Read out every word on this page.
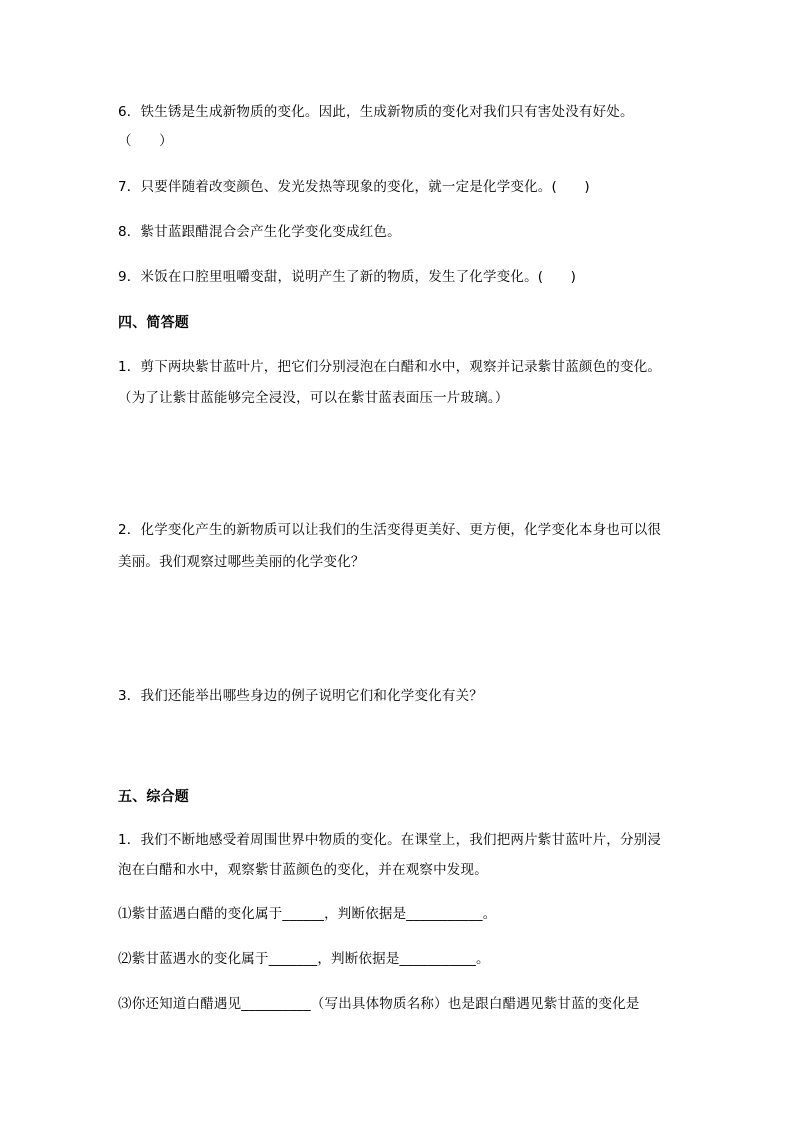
6．铁生锈是生成新物质的变化。因此，生成新物质的变化对我们只有害处没有好处。
（　　）
7．只要伴随着改变颜色、发光发热等现象的变化，就一定是化学变化。(　　)
8．紫甘蓝跟醋混合会产生化学变化变成红色。
9．米饭在口腔里咀嚼变甜，说明产生了新的物质，发生了化学变化。(　　)
四、简答题
1．剪下两块紫甘蓝叶片，把它们分别浸泡在白醋和水中，观察并记录紫甘蓝颜色的变化。
（为了让紫甘蓝能够完全浸没，可以在紫甘蓝表面压一片玻璃。）
2．化学变化产生的新物质可以让我们的生活变得更美好、更方便，化学变化本身也可以很
美丽。我们观察过哪些美丽的化学变化？
3．我们还能举出哪些身边的例子说明它们和化学变化有关？
五、综合题
1．我们不断地感受着周围世界中物质的变化。在课堂上，我们把两片紫甘蓝叶片，分别浸
泡在白醋和水中，观察紫甘蓝颜色的变化，并在观察中发现。
⑴紫甘蓝遇白醋的变化属于______，判断依据是___________。
⑵紫甘蓝遇水的变化属于_______，判断依据是___________。
⑶你还知道白醋遇见__________（写出具体物质名称）也是跟白醋遇见紫甘蓝的变化是
